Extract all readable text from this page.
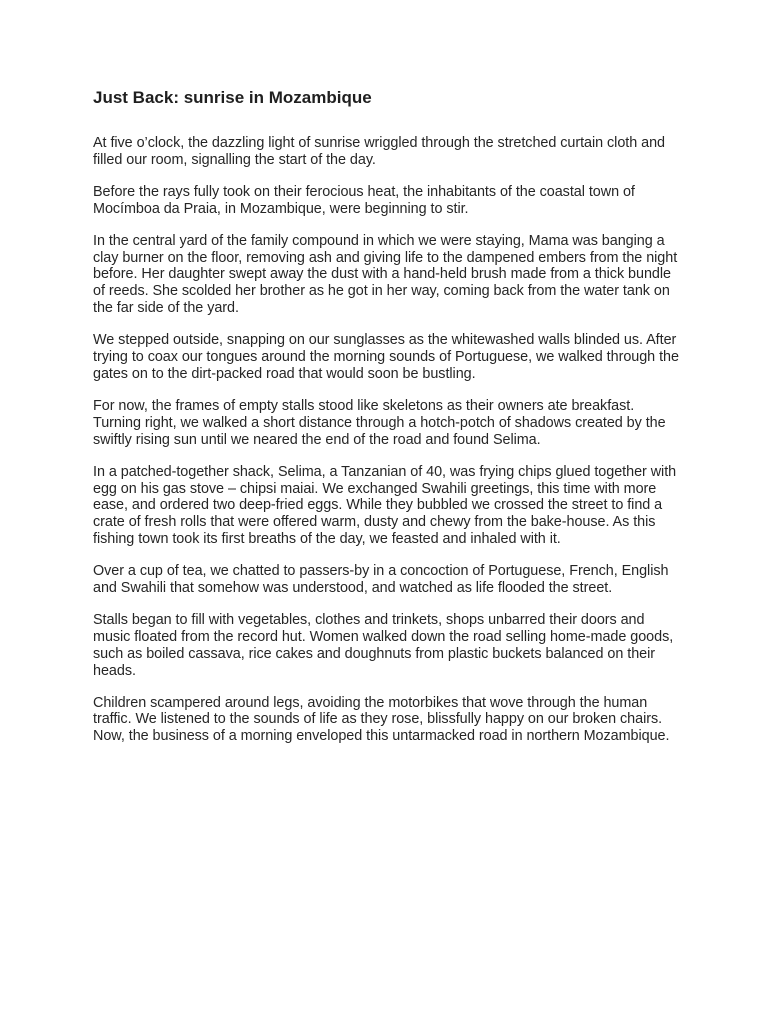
Just Back: sunrise in Mozambique

At five o’clock, the dazzling light of sunrise wriggled through the stretched curtain cloth and filled our room, signalling the start of the day.

Before the rays fully took on their ferocious heat, the inhabitants of the coastal town of Mocímboa da Praia, in Mozambique, were beginning to stir.

In the central yard of the family compound in which we were staying, Mama was banging a clay burner on the floor, removing ash and giving life to the dampened embers from the night before. Her daughter swept away the dust with a hand-held brush made from a thick bundle of reeds. She scolded her brother as he got in her way, coming back from the water tank on the far side of the yard.

We stepped outside, snapping on our sunglasses as the whitewashed walls blinded us. After trying to coax our tongues around the morning sounds of Portuguese, we walked through the gates on to the dirt-packed road that would soon be bustling.

For now, the frames of empty stalls stood like skeletons as their owners ate breakfast. Turning right, we walked a short distance through a hotch-potch of shadows created by the swiftly rising sun until we neared the end of the road and found Selima.

In a patched-together shack, Selima, a Tanzanian of 40, was frying chips glued together with egg on his gas stove – chipsi maiai. We exchanged Swahili greetings, this time with more ease, and ordered two deep-fried eggs. While they bubbled we crossed the street to find a crate of fresh rolls that were offered warm, dusty and chewy from the bake-house. As this fishing town took its first breaths of the day, we feasted and inhaled with it.

Over a cup of tea, we chatted to passers-by in a concoction of Portuguese, French, English and Swahili that somehow was understood, and watched as life flooded the street.

Stalls began to fill with vegetables, clothes and trinkets, shops unbarred their doors and music floated from the record hut. Women walked down the road selling home-made goods, such as boiled cassava, rice cakes and doughnuts from plastic buckets balanced on their heads.

Children scampered around legs, avoiding the motorbikes that wove through the human traffic. We listened to the sounds of life as they rose, blissfully happy on our broken chairs. Now, the business of a morning enveloped this untarmacked road in northern Mozambique.
